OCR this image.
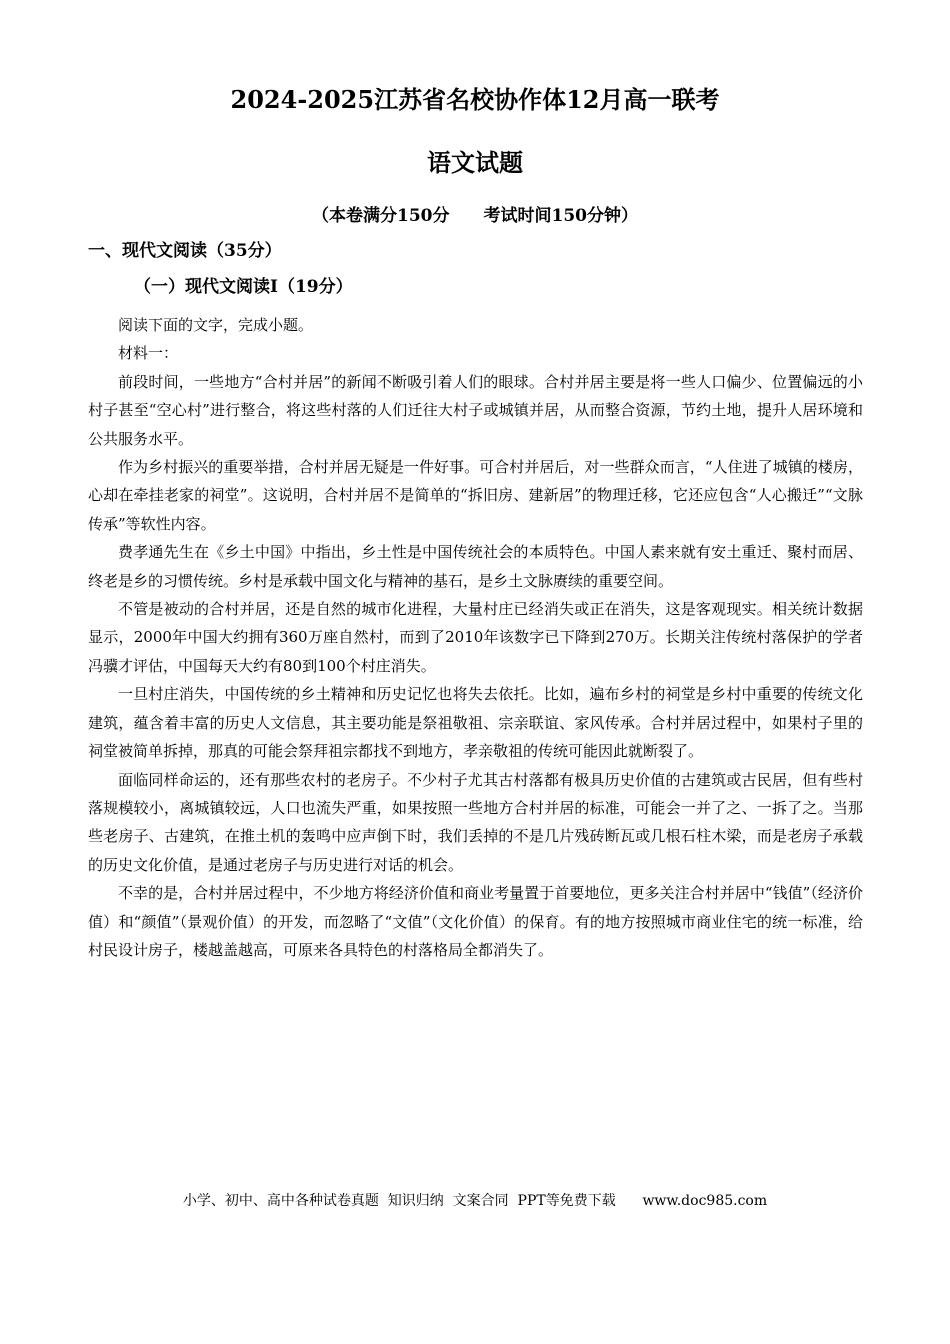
2024-2025江苏省名校协作体12月高一联考
语文试题
（本卷满分150分　　考试时间150分钟）
一、现代文阅读（35分）
（一）现代文阅读Ⅰ（19分）

阅读下面的文字，完成小题。

材料一：

前段时间，一些地方“合村并居”的新闻不断吸引着人们的眼球。合村并居主要是将一些人口偏少、位置偏远的小村子甚至“空心村”进行整合，将这些村落的人们迁往大村子或城镇并居，从而整合资源，节约土地，提升人居环境和公共服务水平。

作为乡村振兴的重要举措，合村并居无疑是一件好事。可合村并居后，对一些群众而言，“人住进了城镇的楼房，心却在牵挂老家的祠堂”。这说明，合村并居不是简单的“拆旧房、建新居”的物理迁移，它还应包含“人心搬迁”“文脉传承”等软性内容。

费孝通先生在《乡土中国》中指出，乡土性是中国传统社会的本质特色。中国人素来就有安土重迁、聚村而居、终老是乡的习惯传统。乡村是承载中国文化与精神的基石，是乡土文脉赓续的重要空间。

不管是被动的合村并居，还是自然的城市化进程，大量村庄已经消失或正在消失，这是客观现实。相关统计数据显示，2000年中国大约拥有360万座自然村，而到了2010年该数字已下降到270万。长期关注传统村落保护的学者冯骥才评估，中国每天大约有80到100个村庄消失。

一旦村庄消失，中国传统的乡土精神和历史记忆也将失去依托。比如，遍布乡村的祠堂是乡村中重要的传统文化建筑，蕴含着丰富的历史人文信息，其主要功能是祭祖敬祖、宗亲联谊、家风传承。合村并居过程中，如果村子里的祠堂被简单拆掉，那真的可能会祭拜祖宗都找不到地方，孝亲敬祖的传统可能因此就断裂了。

面临同样命运的，还有那些农村的老房子。不少村子尤其古村落都有极具历史价值的古建筑或古民居，但有些村落规模较小，离城镇较远，人口也流失严重，如果按照一些地方合村并居的标准，可能会一并了之、一拆了之。当那些老房子、古建筑，在推土机的轰鸣中应声倒下时，我们丢掉的不是几片残砖断瓦或几根石柱木梁，而是老房子承载的历史文化价值，是通过老房子与历史进行对话的机会。

不幸的是，合村并居过程中，不少地方将经济价值和商业考量置于首要地位，更多关注合村并居中“钱值”（经济价值）和“颜值”（景观价值）的开发，而忽略了“文值”（文化价值）的保育。有的地方按照城市商业住宅的统一标准，给村民设计房子，楼越盖越高，可原来各具特色的村落格局全都消失了。

小学、初中、高中各种试卷真题  知识归纳  文案合同  PPT等免费下载      www.doc985.com
